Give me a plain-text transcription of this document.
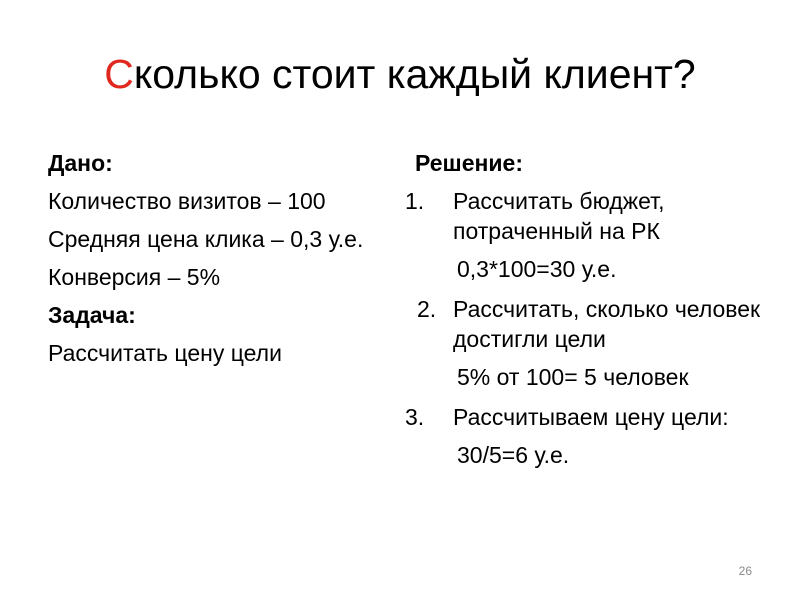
Сколько стоит каждый клиент?
Дано:
Количество визитов – 100
Средняя цена клика – 0,3 у.е.
Конверсия – 5%
Задача:
Рассчитать цену цели
Решение:
1.	Рассчитать бюджет, потраченный на РК
0,3*100=30 у.е.
2. Рассчитать, сколько человек достигли цели
5% от 100= 5 человек
3.	Рассчитываем цену цели:
30/5=6 у.е.
26
